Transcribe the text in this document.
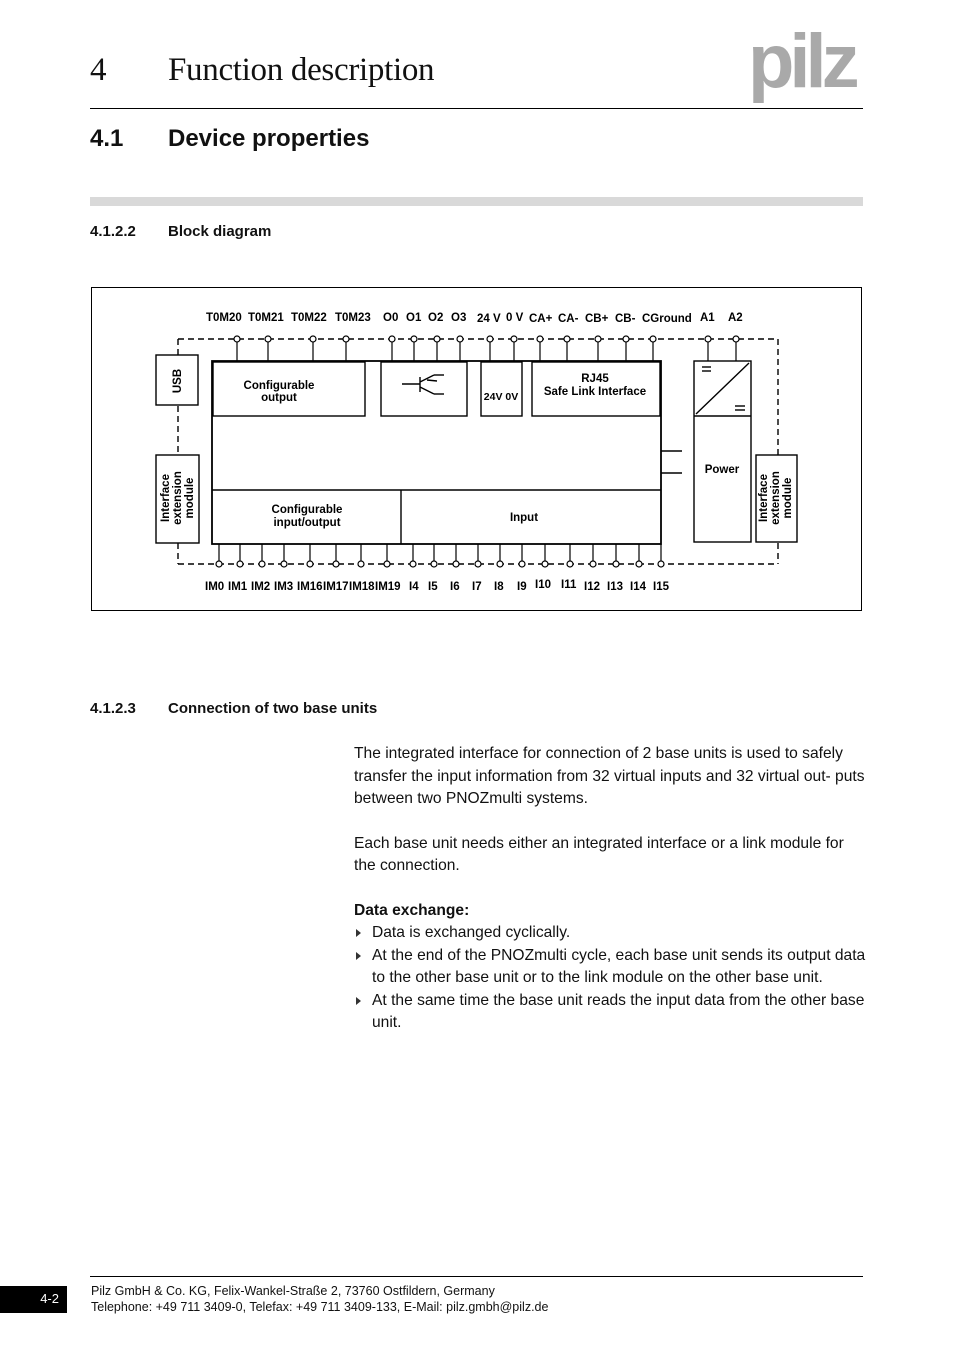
4 Function description	pilz
4.1 Device properties
4.1.2.2 Block diagram
T0M20 T0M21 T0M22 T0M23 O0 O1 O2 O3 24 V 0 V CA+ CA- CB+ CB- CGround A1 A2
IM0 IM1 IM2 IM3 IM16 IM17 IM18 IM19 I4 I5 I6 I7 I8 I9 I10 I11 I12 I13 I14 I15
Configurable
output	24V 0V
RJ45
Safe Link Interface
Power
Configurable
input/output	Input
USB
Interface extension module	Interface extension module
4.1.2.3 Connection of two base units

The integrated interface for connection of 2 base units is used to safely transfer the input information from 32 virtual inputs and 32 virtual out- puts between two PNOZmulti systems.

Each base unit needs either an integrated interface or a link module for the connection.

Data exchange:
Data is exchanged cyclically.
At the end of the PNOZmulti cycle, each base unit sends its output data to the other base unit or to the link module on the other base unit.
At the same time the base unit reads the input data from the other base unit.
4-2	Pilz GmbH & Co. KG, Felix-Wankel-Straße 2, 73760 Ostfildern, Germany
Telephone: +49 711 3409-0, Telefax: +49 711 3409-133, E-Mail: pilz.gmbh@pilz.de
